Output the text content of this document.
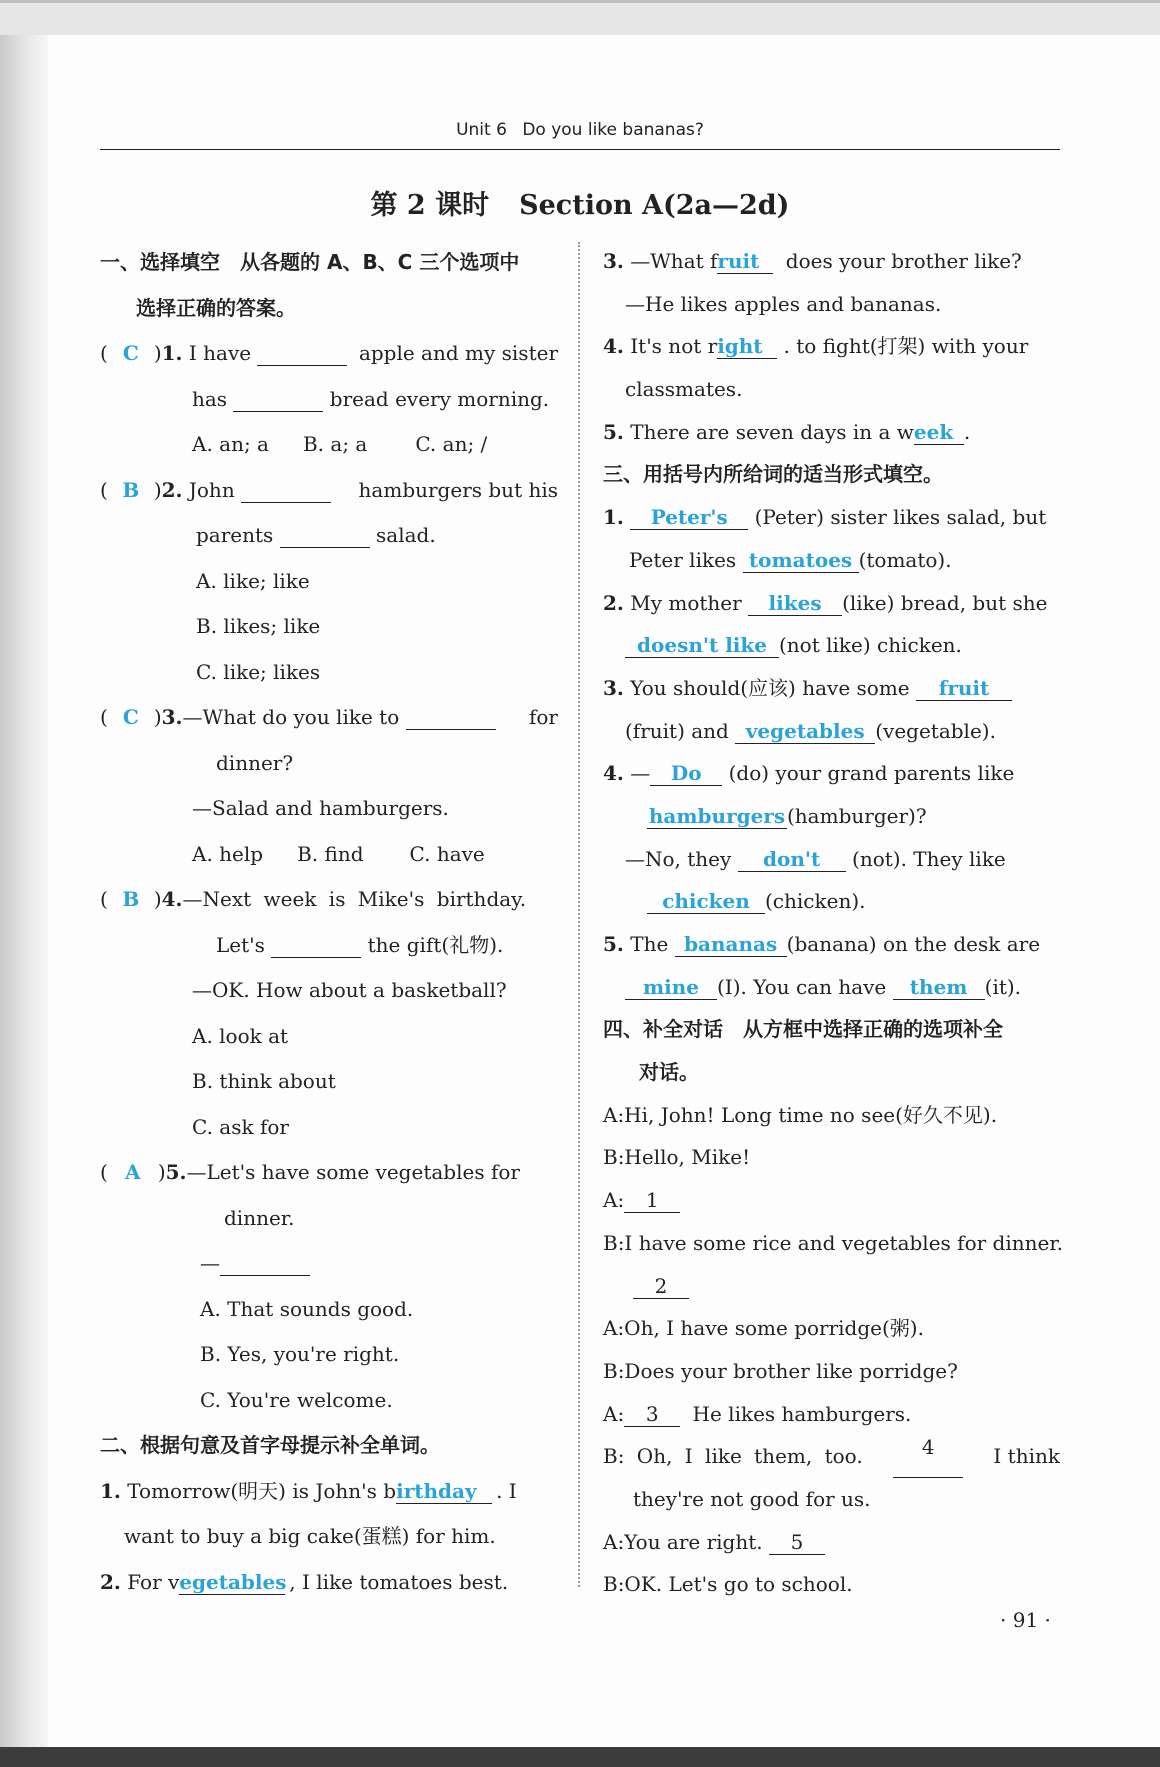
Unit 6 Do you like bananas?
第 2 课时 Section A(2a—2d)
一、选择填空　从各题的 A、B、C 三个选项中
选择正确的答案。
( C )1. I have	apple and my sister
has	bread every morning.
A. an; a B. a; a C. an; /
( B )2. John	hamburgers but his
parents	salad.
A. like; like
B. likes; like
C. like; likes
( C )3.—What do you like to	for
dinner?
—Salad and hamburgers.
A. help B. find C. have
( B )4.—Next week is Mike's birthday.
Let's	the gift(礼物).
—OK. How about a basketball?
A. look at
B. think about
C. ask for
( A )5.—Let's have some vegetables for
dinner.
—
A. That sounds good.
B. Yes, you're right.
C. You're welcome.
二、根据句意及首字母提示补全单词。
1. Tomorrow(明天) is John's birthday . I
want to buy a big cake(蛋糕) for him.
2. For vegetables , I like tomatoes best.
3. —What fruit does your brother like?
—He likes apples and bananas.
4. It's not right . to fight(打架) with your
classmates.
5. There are seven days in a week .
三、用括号内所给词的适当形式填空。
1. Peter's (Peter) sister likes salad, but
Peter likes tomatoes (tomato).
2. My mother likes (like) bread, but she
doesn't like (not like) chicken.
3. You should(应该) have some fruit
(fruit) and vegetables (vegetable).
4. — Do (do) your grand parents like
hamburgers(hamburger)?
—No, they don't (not). They like
chicken (chicken).
5. The bananas (banana) on the desk are
mine (I). You can have them (it).
四、补全对话　从方框中选择正确的选项补全
对话。
A:Hi, John! Long time no see(好久不见).
B:Hello, Mike!
A: 1
B:I have some rice and vegetables for dinner.
2
A:Oh, I have some porridge(粥).
B:Does your brother like porridge?
A: 3 He likes hamburgers.
B: Oh, I like them, too.	4	I think
they're not good for us.
A:You are right. 5
B:OK. Let's go to school.
· 91 ·
